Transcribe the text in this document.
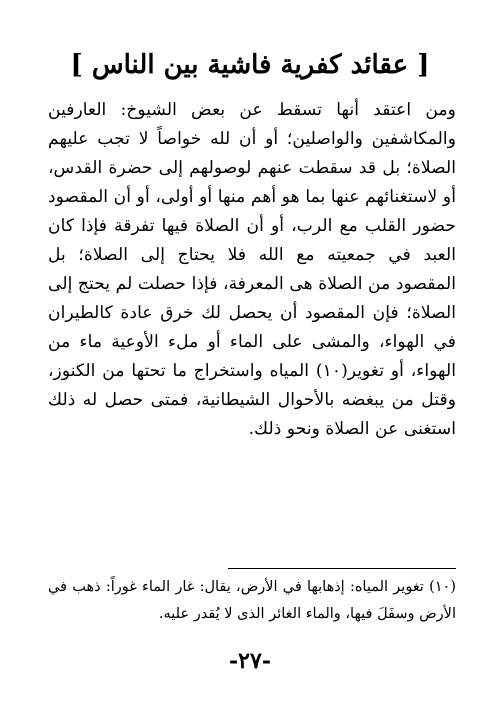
[ عقائد كفرية فاشية بين الناس ]

ومن اعتقد أنها تسقط عن بعض الشيوخ: العارفين والمكاشفين والواصلين؛ أو أن لله خواصاً لا تجب عليهم الصلاة؛ بل قد سقطت عنهم لوصولهم إلى حضرة القدس، أو لاستغنائهم عنها بما هو أهم منها أو أولى، أو أن المقصود حضور القلب مع الرب، أو أن الصلاة فيها تفرقة فإذا كان العبد في جمعيته مع الله فلا يحتاج إلى الصلاة؛ بل المقصود من الصلاة هى المعرفة، فإذا حصلت لم يحتج إلى الصلاة؛ فإن المقصود أن يحصل لك خرق عادة كالطيران في الهواء، والمشى على الماء أو ملء الأوعية ماء من الهواء، أو تغوير(١٠) المياه واستخراج ما تحتها من الكنوز، وقتل من يبغضه بالأحوال الشيطانية، فمتى حصل له ذلك استغنى عن الصلاة ونحو ذلك.

(١٠) تغوير المياه: إذهابها في الأرض، يقال: غار الماء غوراً: ذهب في الأرض وسفَلَ فيها، والماء الغائر الذى لا يُقدر عليه.

-٢٧-
